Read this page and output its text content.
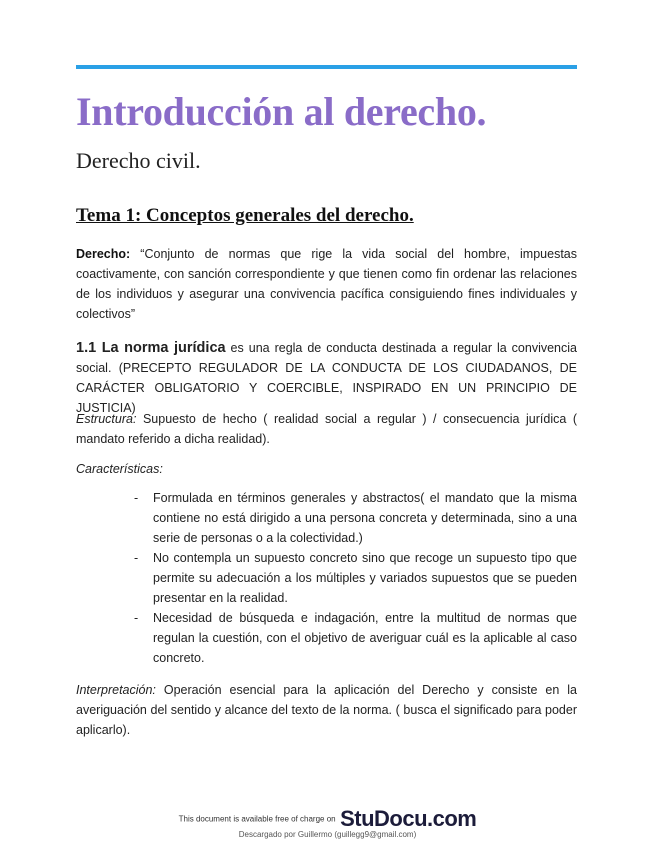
Introducción al derecho.
Derecho civil.
Tema 1: Conceptos generales del derecho.
Derecho: “Conjunto de normas que rige la vida social del hombre, impuestas coactivamente, con sanción correspondiente y que tienen como fin ordenar las relaciones de los individuos y asegurar una convivencia pacífica consiguiendo fines individuales y colectivos”
1.1 La norma jurídica es una regla de conducta destinada a regular la convivencia social. (PRECEPTO REGULADOR DE LA CONDUCTA DE LOS CIUDADANOS, DE CARÁCTER OBLIGATORIO Y COERCIBLE, INSPIRADO EN UN PRINCIPIO DE JUSTICIA)
Estructura: Supuesto de hecho ( realidad social a regular ) / consecuencia jurídica ( mandato referido a dicha realidad).
Características:
- Formulada en términos generales y abstractos( el mandato que la misma contiene no está dirigido a una persona concreta y determinada, sino a una serie de personas o a la colectividad.)
- No contempla un supuesto concreto sino que recoge un supuesto tipo que permite su adecuación a los múltiples y variados supuestos que se pueden presentar en la realidad.
- Necesidad de búsqueda e indagación, entre la multitud de normas que regulan la cuestión, con el objetivo de averiguar cuál es la aplicable al caso concreto.
Interpretación: Operación esencial para la aplicación del Derecho y consiste en la averiguación del sentido y alcance del texto de la norma. ( busca el significado para poder aplicarlo).
This document is available free of charge on StuDocu.com
Descargado por Guillermo (guillegg9@gmail.com)
